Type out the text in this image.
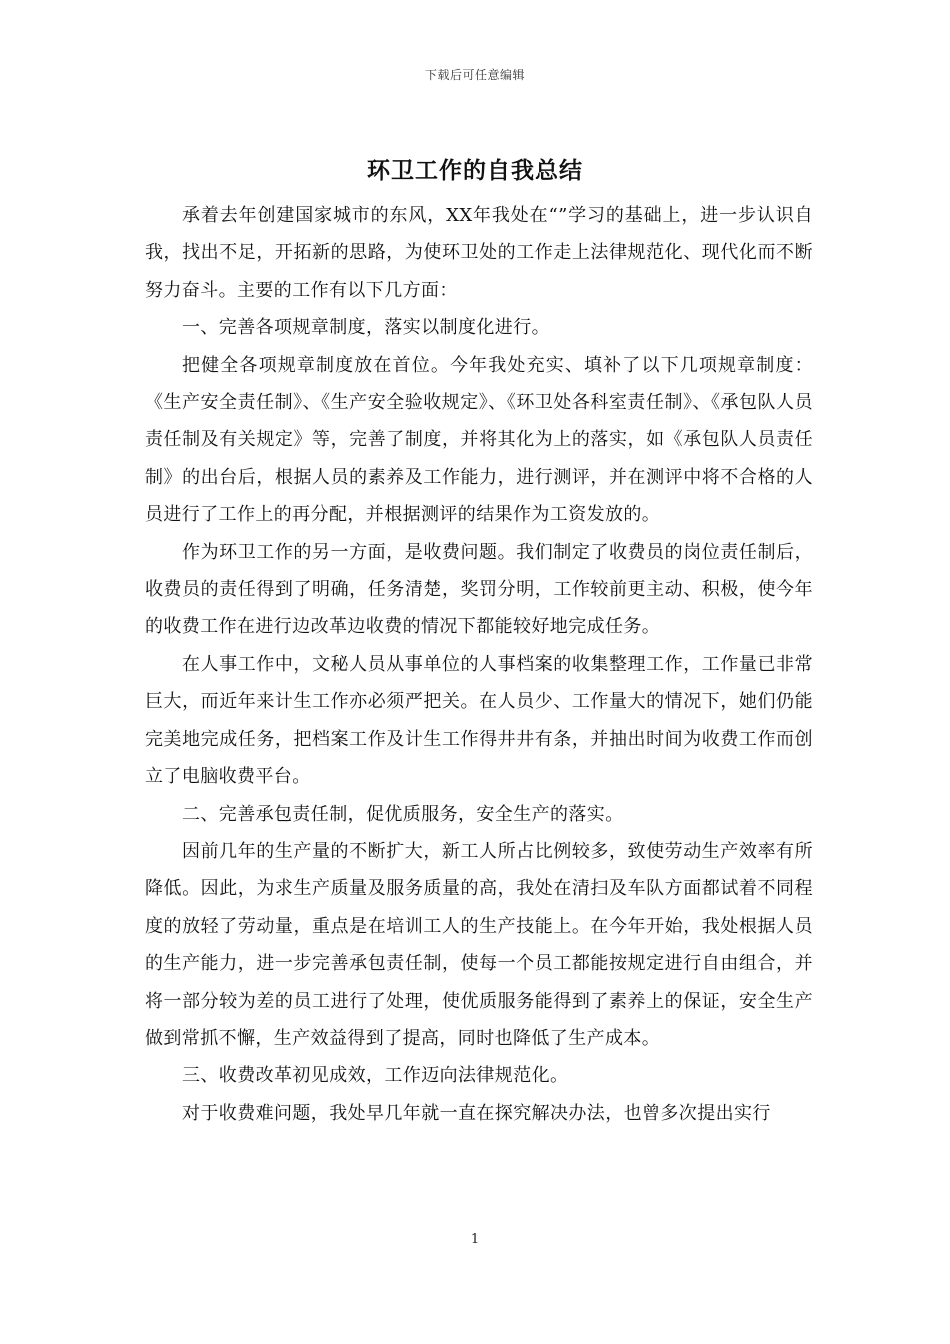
下载后可任意编辑
环卫工作的自我总结

承着去年创建国家城市的东风，XX年我处在“”学习的基础上，进一步认识自我，找出不足，开拓新的思路，为使环卫处的工作走上法律规范化、现代化而不断努力奋斗。主要的工作有以下几方面：

一、完善各项规章制度，落实以制度化进行。

把健全各项规章制度放在首位。今年我处充实、填补了以下几项规章制度：《生产安全责任制》、《生产安全验收规定》、《环卫处各科室责任制》、《承包队人员责任制及有关规定》等，完善了制度，并将其化为上的落实，如《承包队人员责任制》的出台后，根据人员的素养及工作能力，进行测评，并在测评中将不合格的人员进行了工作上的再分配，并根据测评的结果作为工资发放的。

作为环卫工作的另一方面，是收费问题。我们制定了收费员的岗位责任制后，收费员的责任得到了明确，任务清楚，奖罚分明，工作较前更主动、积极，使今年的收费工作在进行边改革边收费的情况下都能较好地完成任务。

在人事工作中，文秘人员从事单位的人事档案的收集整理工作，工作量已非常巨大，而近年来计生工作亦必须严把关。在人员少、工作量大的情况下，她们仍能完美地完成任务，把档案工作及计生工作得井井有条，并抽出时间为收费工作而创立了电脑收费平台。

二、完善承包责任制，促优质服务，安全生产的落实。

因前几年的生产量的不断扩大，新工人所占比例较多，致使劳动生产效率有所降低。因此，为求生产质量及服务质量的高，我处在清扫及车队方面都试着不同程度的放轻了劳动量，重点是在培训工人的生产技能上。在今年开始，我处根据人员的生产能力，进一步完善承包责任制，使每一个员工都能按规定进行自由组合，并将一部分较为差的员工进行了处理，使优质服务能得到了素养上的保证，安全生产做到常抓不懈，生产效益得到了提高，同时也降低了生产成本。

三、收费改革初见成效，工作迈向法律规范化。

对于收费难问题，我处早几年就一直在探究解决办法，也曾多次提出实行

1
